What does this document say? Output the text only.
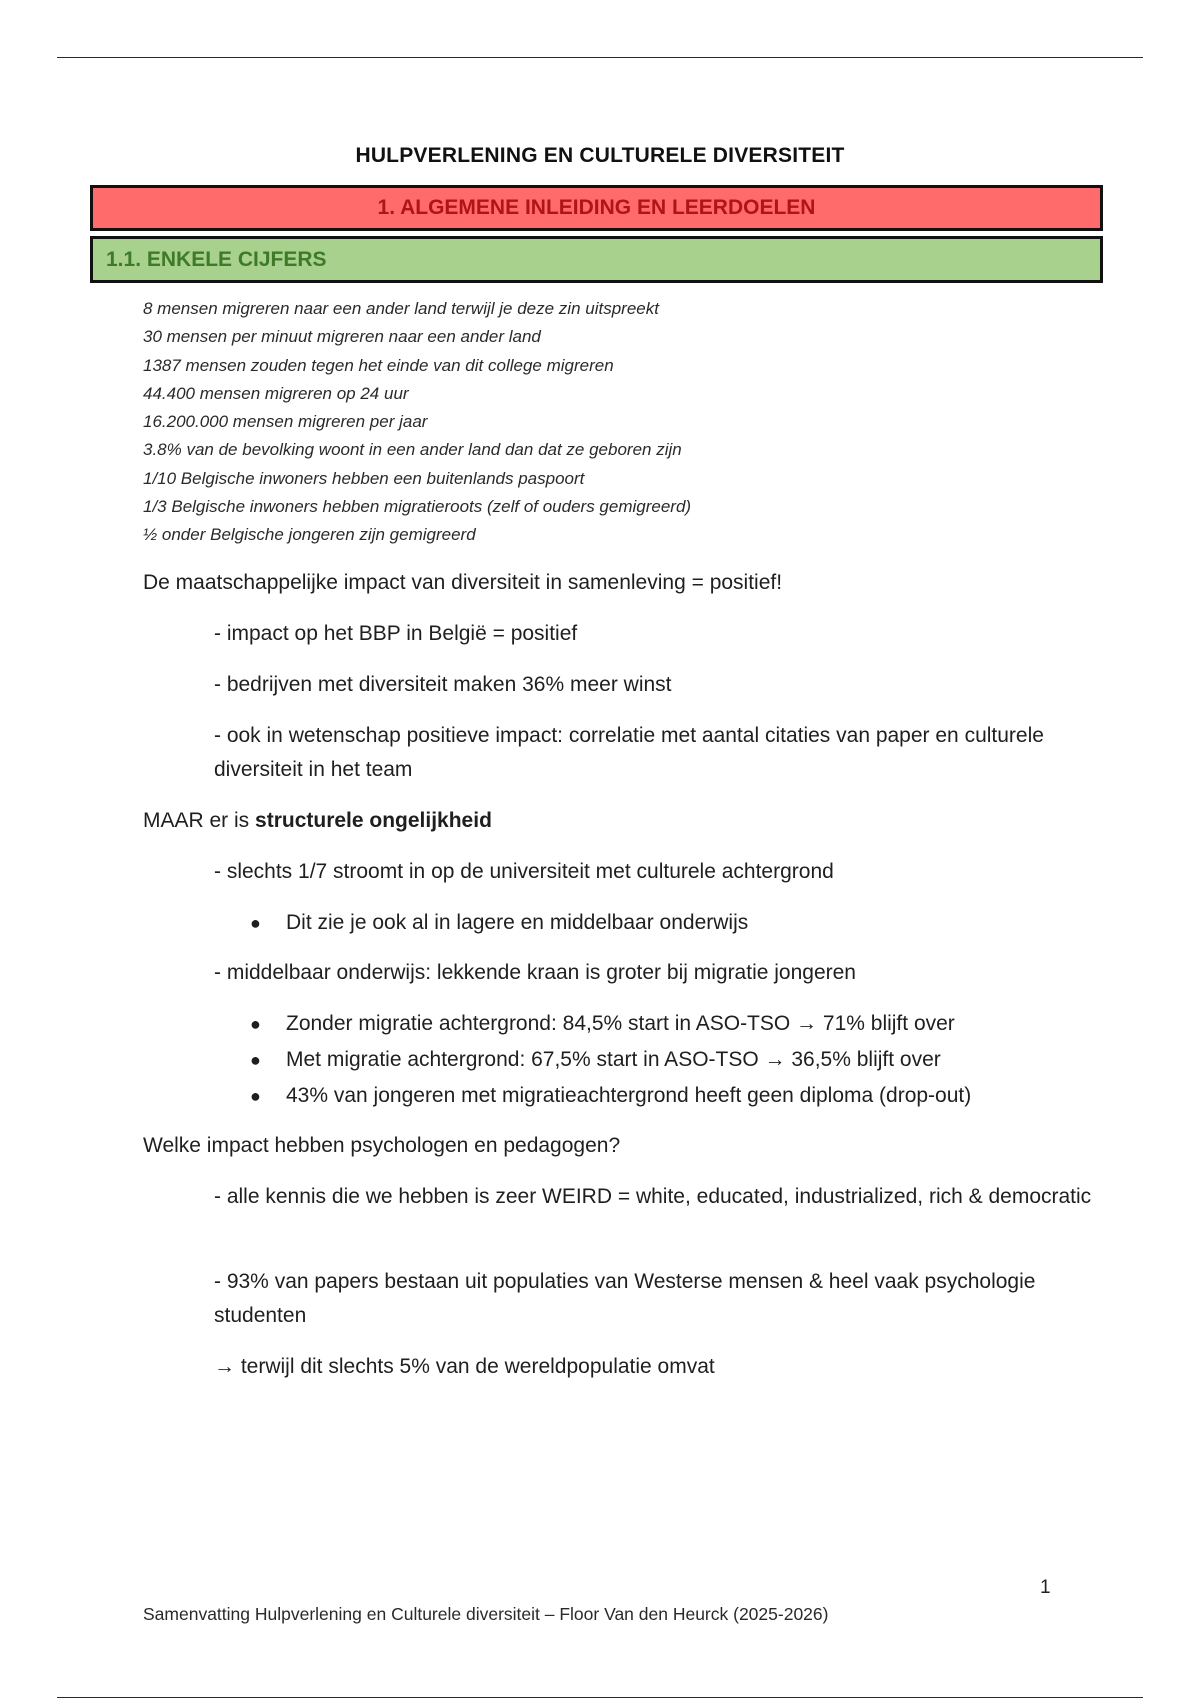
HULPVERLENING EN CULTURELE DIVERSITEIT
1. ALGEMENE INLEIDING EN LEERDOELEN
1.1. ENKELE CIJFERS
8 mensen migreren naar een ander land terwijl je deze zin uitspreekt
30 mensen per minuut migreren naar een ander land
1387 mensen zouden tegen het einde van dit college migreren
44.400 mensen migreren op 24 uur
16.200.000 mensen migreren per jaar
3.8% van de bevolking woont in een ander land dan dat ze geboren zijn
1/10 Belgische inwoners hebben een buitenlands paspoort
1/3 Belgische inwoners hebben migratieroots (zelf of ouders gemigreerd)
½ onder Belgische jongeren zijn gemigreerd
De maatschappelijke impact van diversiteit in samenleving = positief!
- impact op het BBP in België = positief
- bedrijven met diversiteit maken 36% meer winst
- ook in wetenschap positieve impact: correlatie met aantal citaties van paper en culturele diversiteit in het team
MAAR er is structurele ongelijkheid
- slechts 1/7 stroomt in op de universiteit met culturele achtergrond
● Dit zie je ook al in lagere en middelbaar onderwijs
- middelbaar onderwijs: lekkende kraan is groter bij migratie jongeren
● Zonder migratie achtergrond: 84,5% start in ASO-TSO → 71% blijft over
● Met migratie achtergrond: 67,5% start in ASO-TSO → 36,5% blijft over
● 43% van jongeren met migratieachtergrond heeft geen diploma (drop-out)
Welke impact hebben psychologen en pedagogen?
- alle kennis die we hebben is zeer WEIRD = white, educated, industrialized, rich & democratic
- 93% van papers bestaan uit populaties van Westerse mensen & heel vaak psychologie studenten
→ terwijl dit slechts 5% van de wereldpopulatie omvat
1
Samenvatting Hulpverlening en Culturele diversiteit – Floor Van den Heurck (2025-2026)
